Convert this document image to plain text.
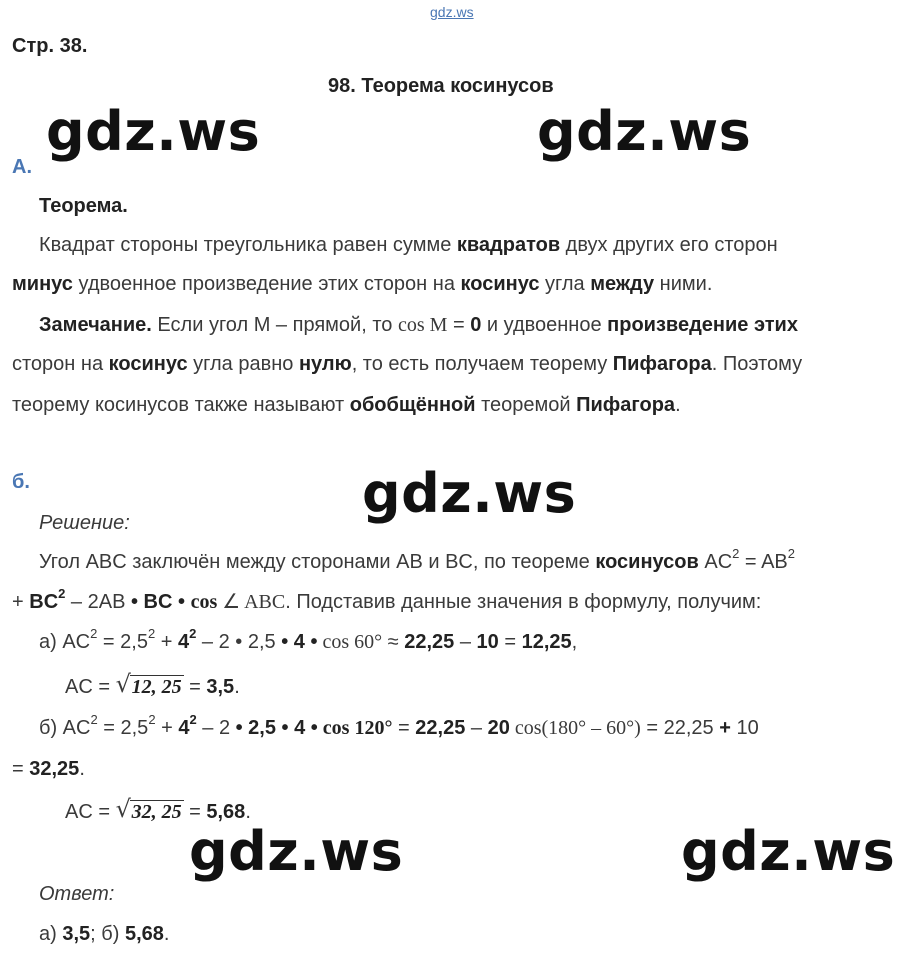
gdz.ws
gdz.ws	gdz.ws
gdz.ws
gdz.ws	gdz.ws
Стр. 38.
98. Теорема косинусов
А.
Теорема.
Квадрат стороны треугольника равен сумме квадратов двух других его сторон
минус удвоенное произведение этих сторон на косинус угла между ними.
Замечание. Если угол M – прямой, то cos M = 0 и удвоенное произведение этих
сторон на косинус угла равно нулю, то есть получаем теорему Пифагора. Поэтому
теорему косинусов также называют обобщённой теоремой Пифагора.
б.
Решение:
Угол ABC заключён между сторонами AB и BC, по теореме косинусов $AC^2 = AB^2$
+ $BC^2 - 2AB$ • BC • cos ∠ ABC. Подставив данные значения в формулу, получим:
а) $AC^2 = 2,5^2 + 4^2 - 2$ • 2,5 • 4 • cos 60° ≈ 22,25 – 10 = 12,25,
AC = √ 12, 25 = 3,5.
б) $AC^2 = 2,5^2 + 4^2 - 2$ • 2,5 • 4 • cos 120° = 22,25 – 20 cos(180° – 60°) = 22,25 + 10
= 32,25.
AC = √ 32, 25 = 5,68.
Ответ:
а) 3,5; б) 5,68.
